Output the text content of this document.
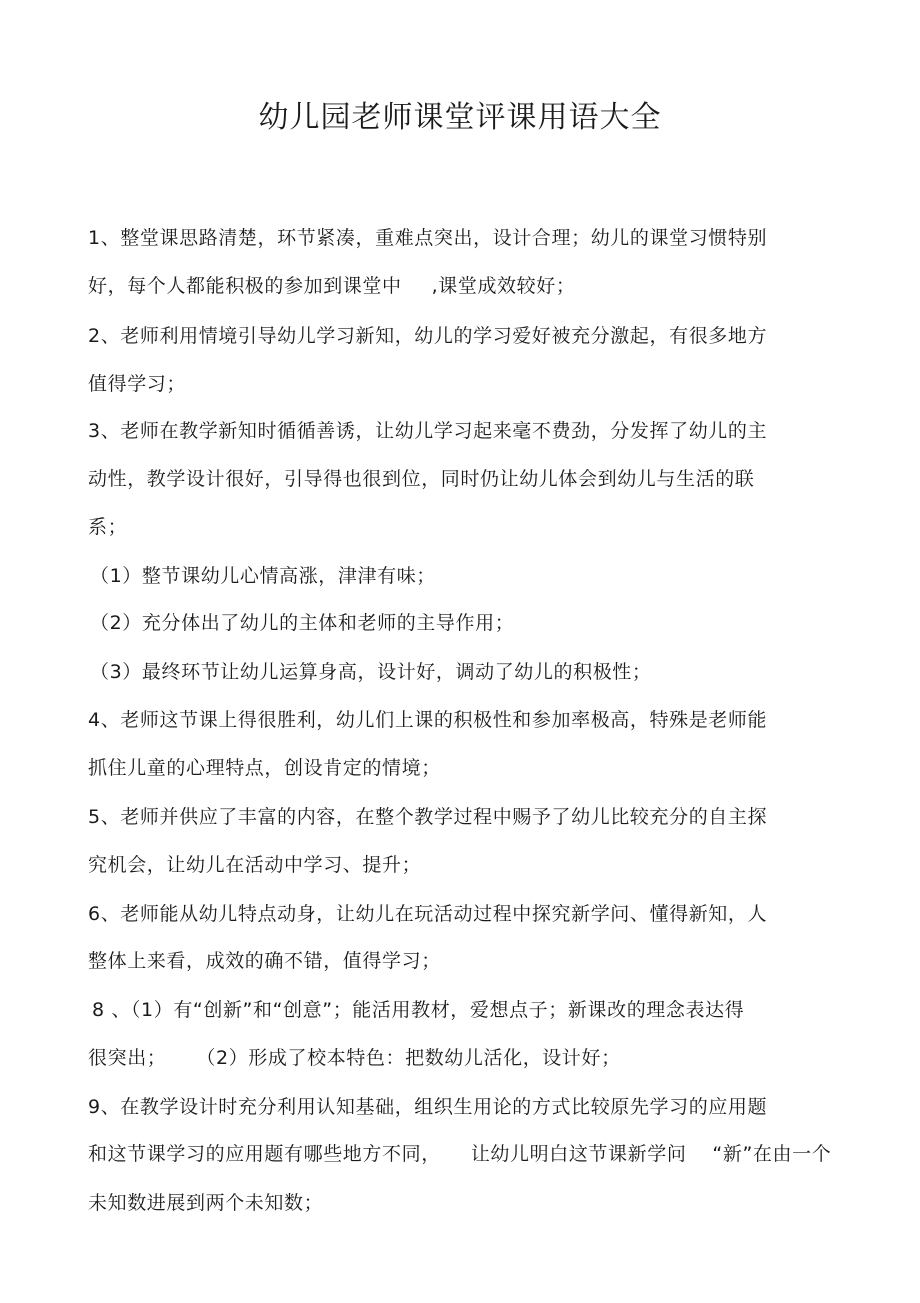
幼儿园老师课堂评课用语大全
1、整堂课思路清楚，环节紧凑，重难点突出，设计合理；幼儿的课堂习惯特别
好，每个人都能积极的参加到课堂中 ,课堂成效较好；
2、老师利用情境引导幼儿学习新知，幼儿的学习爱好被充分激起，有很多地方
值得学习；
3、老师在教学新知时循循善诱，让幼儿学习起来毫不费劲，分发挥了幼儿的主
动性，教学设计很好，引导得也很到位，同时仍让幼儿体会到幼儿与生活的联
系；
（1）整节课幼儿心情高涨，津津有味；
（2）充分体出了幼儿的主体和老师的主导作用；
（3）最终环节让幼儿运算身高，设计好，调动了幼儿的积极性；
4、老师这节课上得很胜利，幼儿们上课的积极性和参加率极高，特殊是老师能
抓住儿童的心理特点，创设肯定的情境；
5、老师并供应了丰富的内容，在整个教学过程中赐予了幼儿比较充分的自主探
究机会，让幼儿在活动中学习、提升；
6、老师能从幼儿特点动身，让幼儿在玩活动过程中探究新学问、懂得新知，人
整体上来看，成效的确不错，值得学习；
8 、（1）有“创新”和“创意”；能活用教材，爱想点子；新课改的理念表达得
很突出； （2）形成了校本特色：把数幼儿活化，设计好；
9、在教学设计时充分利用认知基础，组织生用论的方式比较原先学习的应用题
和这节课学习的应用题有哪些地方不同， 让幼儿明白这节课新学问 “新”在由一个
未知数进展到两个未知数；
